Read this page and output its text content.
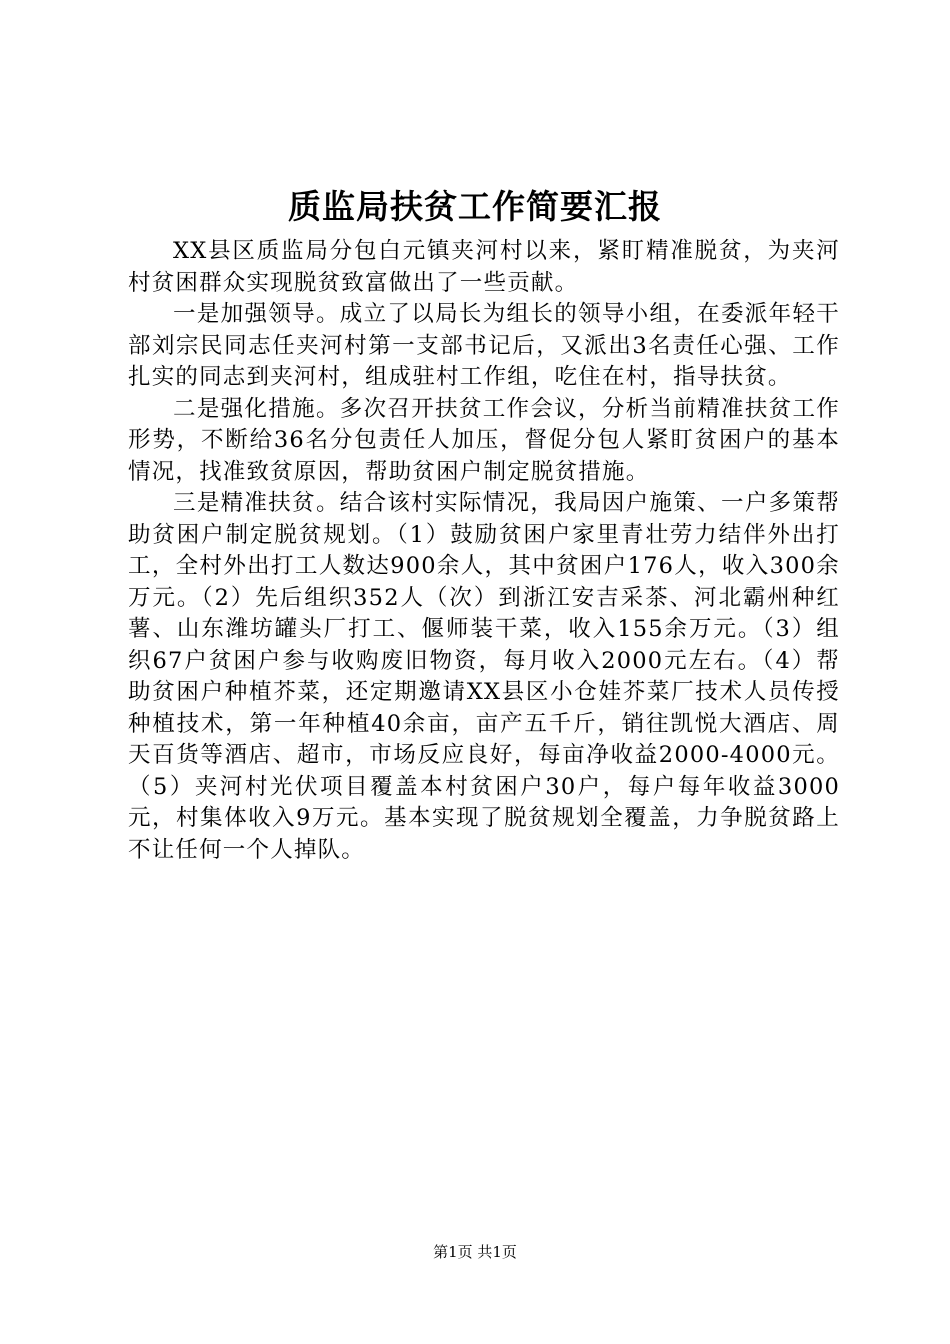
质监局扶贫工作简要汇报

XX县区质监局分包白元镇夹河村以来，紧盯精准脱贫，为夹河村贫困群众实现脱贫致富做出了一些贡献。

一是加强领导。成立了以局长为组长的领导小组，在委派年轻干部刘宗民同志任夹河村第一支部书记后，又派出3名责任心强、工作扎实的同志到夹河村，组成驻村工作组，吃住在村，指导扶贫。

二是强化措施。多次召开扶贫工作会议，分析当前精准扶贫工作形势，不断给36名分包责任人加压，督促分包人紧盯贫困户的基本情况，找准致贫原因，帮助贫困户制定脱贫措施。

三是精准扶贫。结合该村实际情况，我局因户施策、一户多策帮助贫困户制定脱贫规划。（1）鼓励贫困户家里青壮劳力结伴外出打工，全村外出打工人数达900余人，其中贫困户176人，收入300余万元。（2）先后组织352人（次）到浙江安吉采茶、河北霸州种红薯、山东潍坊罐头厂打工、偃师装干菜，收入155余万元。（3）组织67户贫困户参与收购废旧物资，每月收入2000元左右。（4）帮助贫困户种植芥菜，还定期邀请XX县区小仓娃芥菜厂技术人员传授种植技术，第一年种植40余亩，亩产五千斤，销往凯悦大酒店、周天百货等酒店、超市，市场反应良好，每亩净收益2000-4000元。（5）夹河村光伏项目覆盖本村贫困户30户，每户每年收益3000元，村集体收入9万元。基本实现了脱贫规划全覆盖，力争脱贫路上不让任何一个人掉队。

第1页 共1页
